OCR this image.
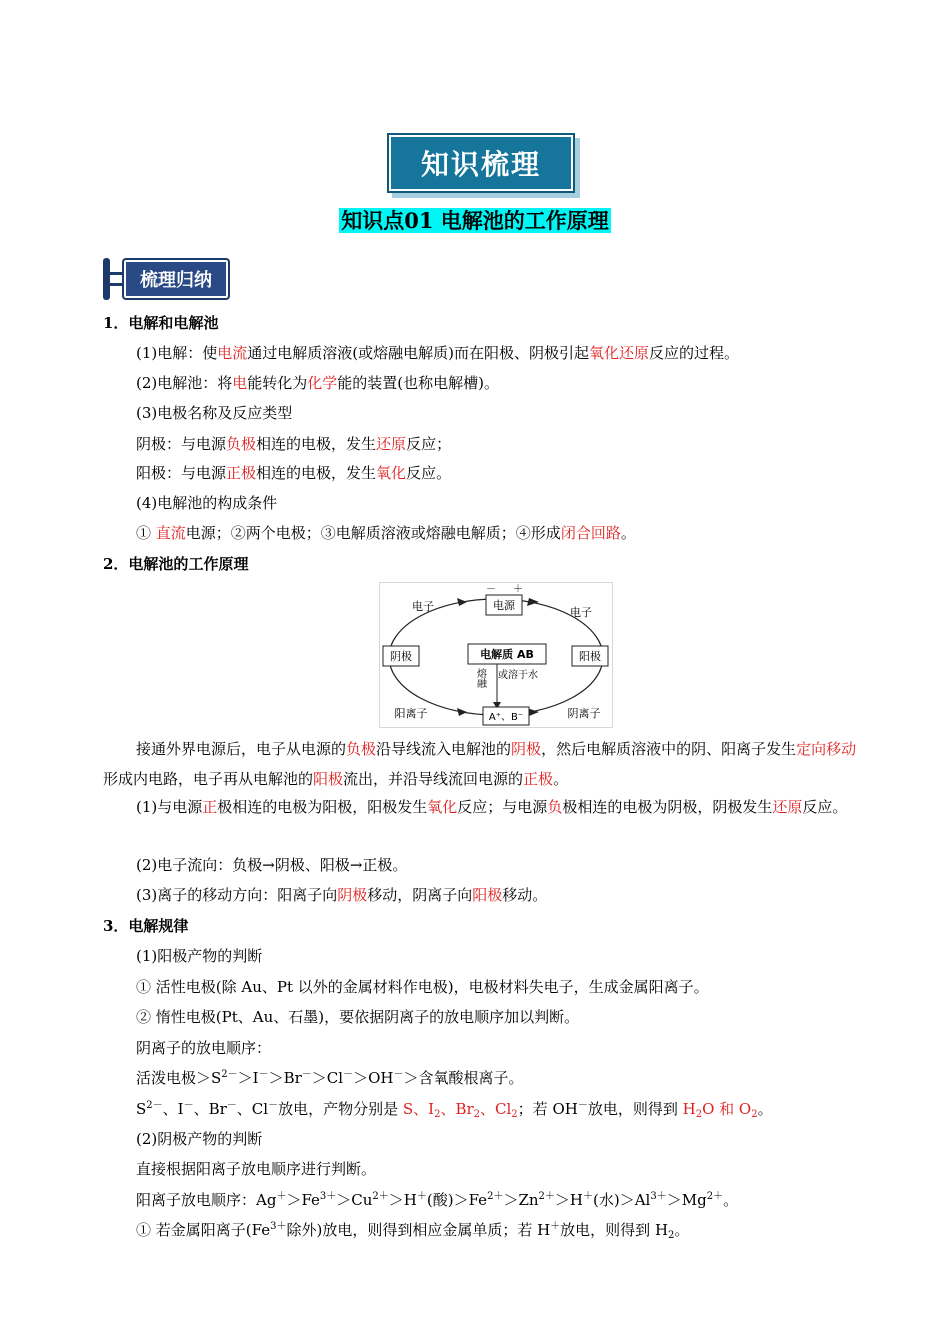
知识梳理
知识点01 电解池的工作原理
梳理归纳
1．电解和电解池
(1)电解：使电流通过电解质溶液(或熔融电解质)而在阳极、阴极引起氧化还原反应的过程。
(2)电解池：将电能转化为化学能的装置(也称电解槽)。
(3)电极名称及反应类型
阴极：与电源负极相连的电极，发生还原反应；
阳极：与电源正极相连的电极，发生氧化反应。
(4)电解池的构成条件
① 直流电源；②两个电极；③电解质溶液或熔融电解质；④形成闭合回路。
2．电解池的工作原理
电源
－ ＋
阴极	阳极
电解质 AB
熔融 或溶于水
A⁺、B⁻
电子	电子
阳离子	阴离子
接通外界电源后，电子从电源的负极沿导线流入电解池的阴极，然后电解质溶液中的阴、阳离子发生定向移动形成内电路，电子再从电解池的阳极流出，并沿导线流回电源的正极。
(1)与电源正极相连的电极为阳极，阳极发生氧化反应；与电源负极相连的电极为阴极，阴极发生还原反应。
(2)电子流向：负极→阴极、阳极→正极。
(3)离子的移动方向：阳离子向阴极移动，阴离子向阳极移动。
3．电解规律
(1)阳极产物的判断
① 活性电极(除 Au、Pt 以外的金属材料作电极)，电极材料失电子，生成金属阳离子。
② 惰性电极(Pt、Au、石墨)，要依据阴离子的放电顺序加以判断。
阴离子的放电顺序：
活泼电极$>S^{2-}>I^->Br^->Cl^->OH^->$含氧酸根离子。
$S^{2-}$、I－、Br－、Cl－放电，产物分别是 S、$I_2$、$Br_2$、$Cl_2$；若 OH－放电，则得到 $H_2O$ 和 $O_2$。
(2)阴极产物的判断
直接根据阳离子放电顺序进行判断。
阳离子放电顺序：$Ag^+>Fe^{3+}>Cu^{2+}>H^+$(酸)$>Fe^{2+}>Zn^{2+}>H^+$(水)$>Al^{3+}>Mg^{2+}$。
① 若金属阳离子($Fe^{3+}$除外)放电，则得到相应金属单质；若 H＋放电，则得到 $H_2$。
